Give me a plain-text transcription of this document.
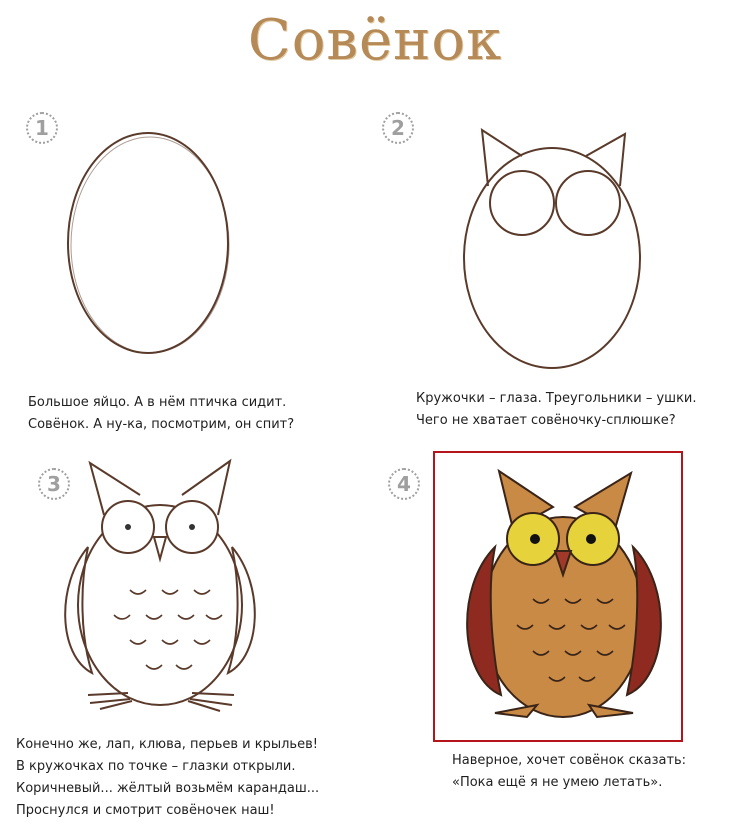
Совёнок
1
Большое яйцо. А в нём птичка сидит.
Совёнок. А ну-ка, посмотрим, он спит?
2
Кружочки – глаза. Треугольники – ушки.
Чего не хватает совёночку-сплюшке?
3
Конечно же, лап, клюва, перьев и крыльев!
В кружочках по точке – глазки открыли.
Коричневый... жёлтый возьмём карандаш...
Проснулся и смотрит совёночек наш!
4
Наверное, хочет совёнок сказать:
«Пока ещё я не умею летать».
